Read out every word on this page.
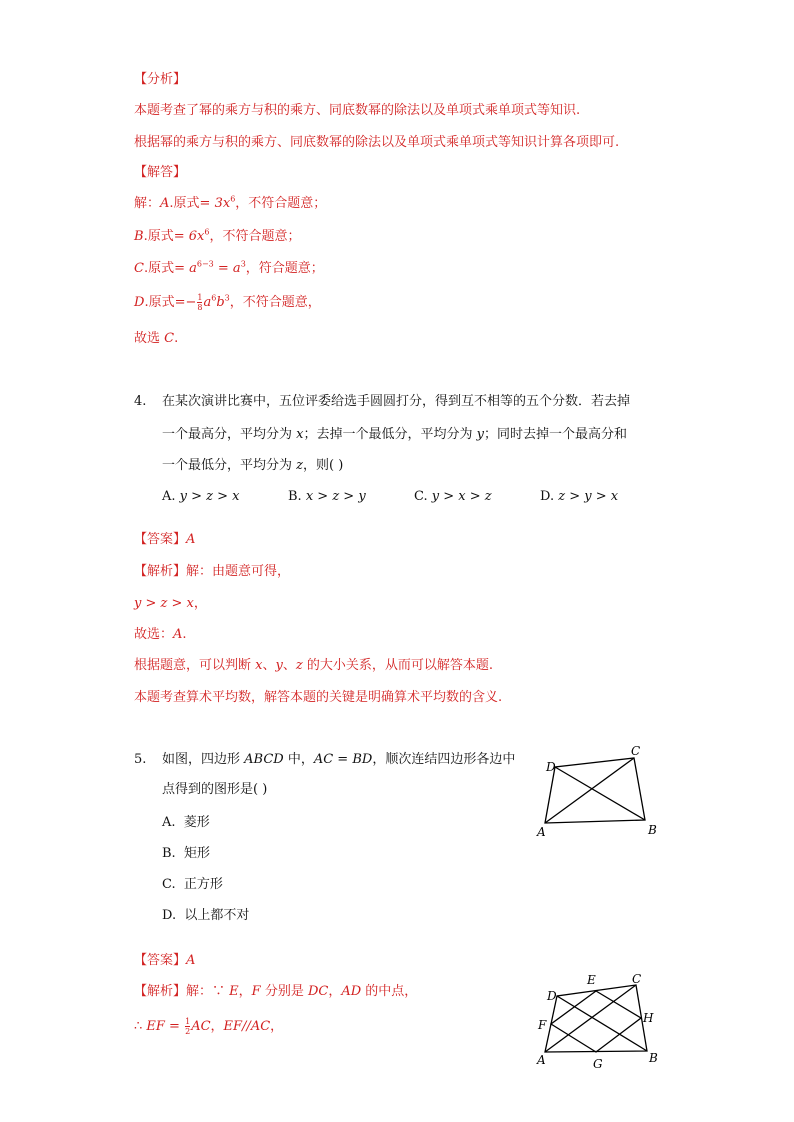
【分析】
本题考查了幂的乘方与积的乘方、同底数幂的除法以及单项式乘单项式等知识.
根据幂的乘方与积的乘方、同底数幂的除法以及单项式乘单项式等知识计算各项即可.
【解答】
解：A.原式= $3x^6$，不符合题意；
B.原式= $6x^6$，不符合题意；
C.原式= $a^{6-3} = a^3$，符合题意；
D.原式=− $\frac{1}{8} a^6b^3$，不符合题意，
故选 C.
4. 在某次演讲比赛中，五位评委给选手圆圆打分，得到互不相等的五个分数．若去掉
一个最高分，平均分为 x；去掉一个最低分，平均分为 y；同时去掉一个最高分和
一个最低分，平均分为 z，则( )
A. y > z > x	B. x > z > y	C. y > x > z	D. z > y > x
【答案】A
【解析】解：由题意可得，
y > z > x，
故选：A.
根据题意，可以判断 x、y、z 的大小关系，从而可以解答本题.
本题考查算术平均数，解答本题的关键是明确算术平均数的含义.
5. 如图，四边形 ABCD 中，AC = BD，顺次连结四边形各边中
点得到的图形是( )
A. 菱形
B. 矩形
C. 正方形
D. 以上都不对
A	B
C
D
【答案】A
【解析】解：∵ E，F 分别是 DC，AD 的中点，
∴ EF = $\frac{1}{2}$ AC，EF//AC，
A	B
C
D
E
F
G
H
